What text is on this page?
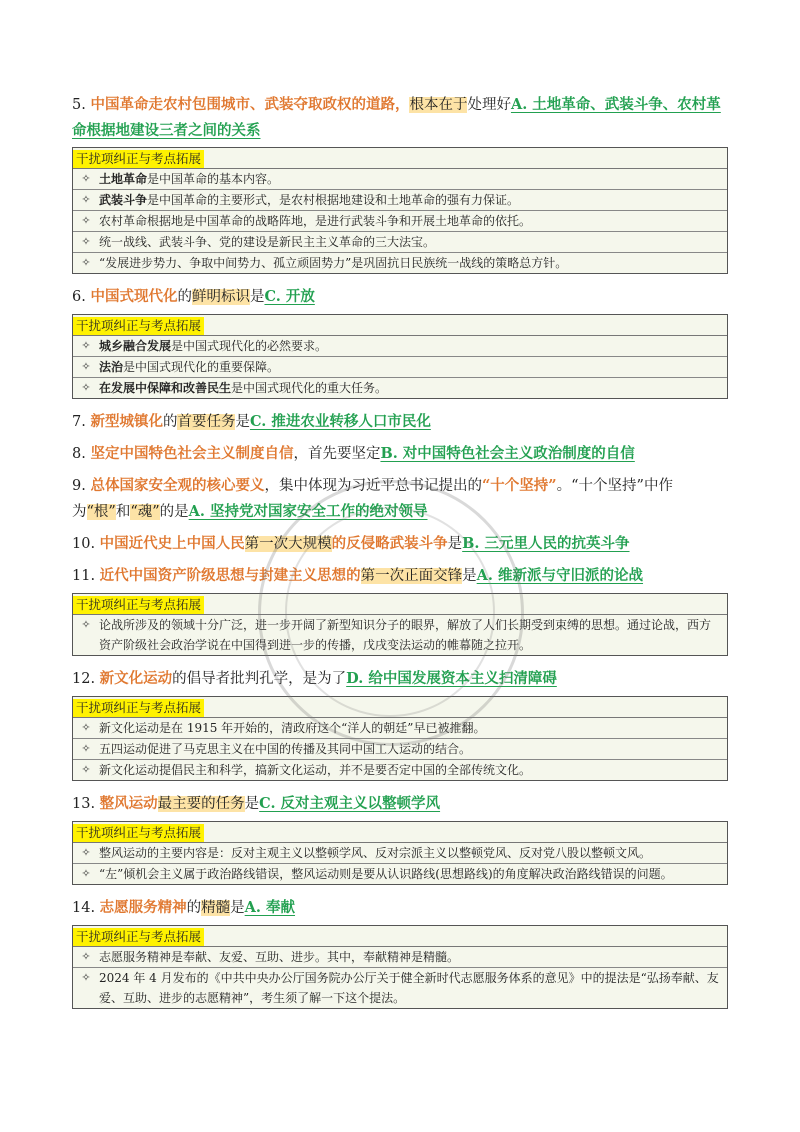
5. 中国革命走农村包围城市、武装夺取政权的道路，根本在于处理好A. 土地革命、武装斗争、农村革命根据地建设三者之间的关系
干扰项纠正与考点拓展
✧ 土地革命是中国革命的基本内容。
✧ 武装斗争是中国革命的主要形式，是农村根据地建设和土地革命的强有力保证。
✧ 农村革命根据地是中国革命的战略阵地，是进行武装斗争和开展土地革命的依托。
✧ 统一战线、武装斗争、党的建设是新民主主义革命的三大法宝。
✧ “发展进步势力、争取中间势力、孤立顽固势力”是巩固抗日民族统一战线的策略总方针。
6. 中国式现代化的鲜明标识是C. 开放
干扰项纠正与考点拓展
✧ 城乡融合发展是中国式现代化的必然要求。
✧ 法治是中国式现代化的重要保障。
✧ 在发展中保障和改善民生是中国式现代化的重大任务。
7. 新型城镇化的首要任务是C. 推进农业转移人口市民化
8. 坚定中国特色社会主义制度自信，首先要坚定B. 对中国特色社会主义政治制度的自信
9. 总体国家安全观的核心要义，集中体现为习近平总书记提出的“十个坚持”。“十个坚持”中作为“根”和“魂”的是A. 坚持党对国家安全工作的绝对领导
10. 中国近代史上中国人民第一次大规模的反侵略武装斗争是B. 三元里人民的抗英斗争
11. 近代中国资产阶级思想与封建主义思想的第一次正面交锋是A. 维新派与守旧派的论战
干扰项纠正与考点拓展
✧ 论战所涉及的领域十分广泛，进一步开阔了新型知识分子的眼界，解放了人们长期受到束缚的思想。通过论战，西方资产阶级社会政治学说在中国得到进一步的传播，戊戌变法运动的帷幕随之拉开。
12. 新文化运动的倡导者批判孔学，是为了D. 给中国发展资本主义扫清障碍
干扰项纠正与考点拓展
✧ 新文化运动是在 1915 年开始的，清政府这个“洋人的朝廷”早已被推翻。
✧ 五四运动促进了马克思主义在中国的传播及其同中国工人运动的结合。
✧ 新文化运动提倡民主和科学，搞新文化运动，并不是要否定中国的全部传统文化。
13. 整风运动最主要的任务是C. 反对主观主义以整顿学风
干扰项纠正与考点拓展
✧ 整风运动的主要内容是：反对主观主义以整顿学风、反对宗派主义以整顿党风、反对党八股以整顿文风。
✧ “左”倾机会主义属于政治路线错误，整风运动则是要从认识路线(思想路线)的角度解决政治路线错误的问题。
14. 志愿服务精神的精髓是A. 奉献
干扰项纠正与考点拓展
✧ 志愿服务精神是奉献、友爱、互助、进步。其中，奉献精神是精髓。
✧ 2024 年 4 月发布的《中共中央办公厅国务院办公厅关于健全新时代志愿服务体系的意见》中的提法是“弘扬奉献、友爱、互助、进步的志愿精神”，考生须了解一下这个提法。
